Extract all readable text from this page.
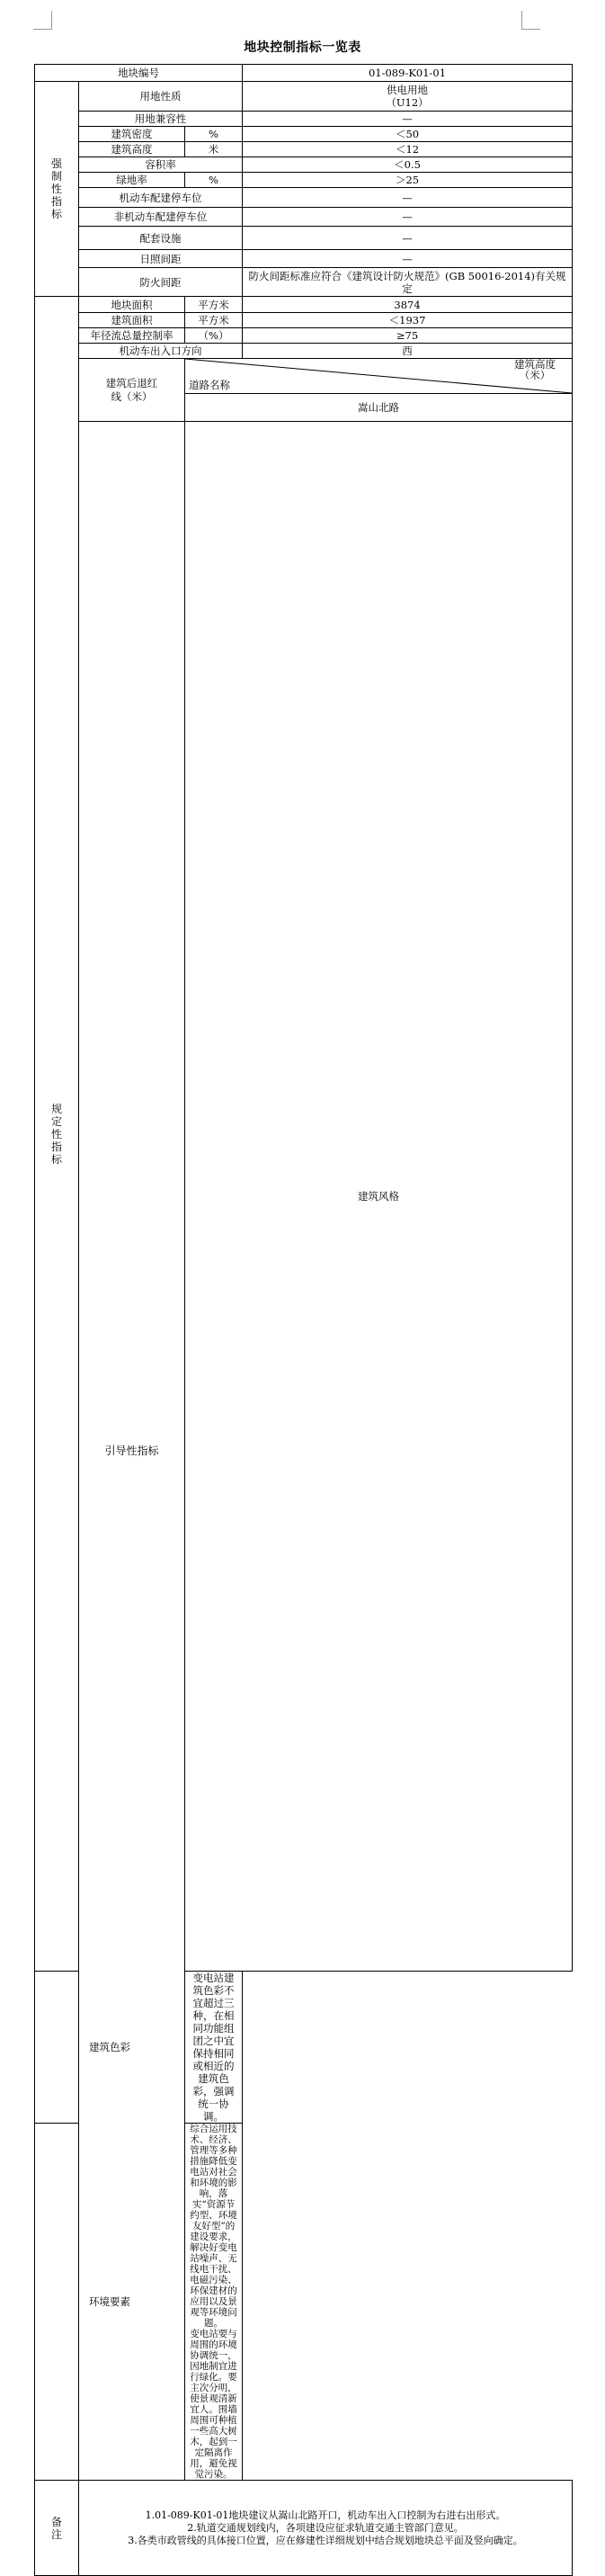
地块控制指标一览表
地块编号			01-089-K01-01	
强制性指标	用地性质		供电用地
（U12）	

	用地兼容性		—	
	建筑密度	%	＜50	
	建筑高度	米	＜12	
	容积率		＜0.5	
	绿地率	%	＞25	
	机动车配建停车位		—	
	非机动车配建停车位		—	
	配套设施		—	
	日照间距		—	
	防火间距		防火间距标准应符合《建筑设计防火规范》(GB 50016-2014)有关规定	
规定性指标	地块面积	平方米	3874	
	建筑面积	平方米	＜1937	
	年径流总量控制率	（%）	≥75	
	机动车出入口方向		西	

	建筑后退红线（米）	建筑高度（米）
道路名称

		嵩山北路	
	引导性指标	建筑风格	
建筑色彩		变电站建筑色彩不宜超过三种，在相同功能组团之中宜保持相同或相近的建筑色彩，强调统一协调。		
环境要素		综合运用技术、经济、管理等多种措施降低变电站对社会和环境的影响，落实“资源节约型、环境友好型”的建设要求，解决好变电站噪声、无线电干扰、电磁污染、环保建材的应用以及景观等环境问题。
变电站要与周围的环境协调统一，因地制宜进行绿化。要主次分明，使景观清新宜人。围墙周围可种植一些高大树木，起到一定隔离作用，避免视觉污染。		

备注	1.01-089-K01-01地块建议从嵩山北路开口，机动车出入口控制为右进右出形式。
2.轨道交通规划线内，各项建设应征求轨道交通主管部门意见。
3.各类市政管线的具体接口位置，应在修建性详细规划中结合规划地块总平面及竖向确定。			
